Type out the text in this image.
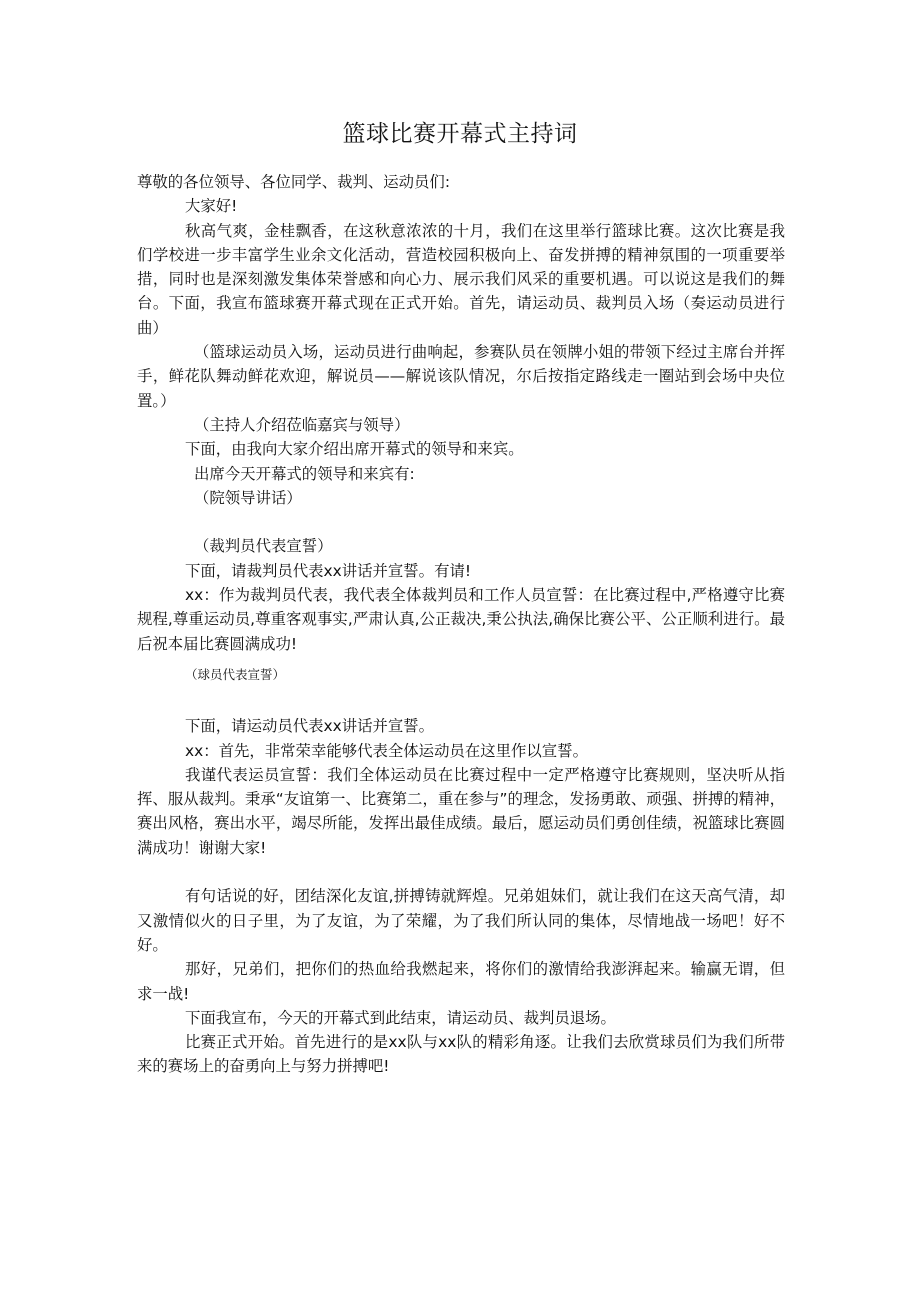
篮球比赛开幕式主持词

尊敬的各位领导、各位同学、裁判、运动员们:

大家好!

秋高气爽，金桂飘香，在这秋意浓浓的十月，我们在这里举行篮球比赛。这次比赛是我们学校进一步丰富学生业余文化活动，营造校园积极向上、奋发拼搏的精神氛围的一项重要举措，同时也是深刻激发集体荣誉感和向心力、展示我们风采的重要机遇。可以说这是我们的舞台。下面，我宣布篮球赛开幕式现在正式开始。首先，请运动员、裁判员入场（奏运动员进行曲）

（篮球运动员入场，运动员进行曲响起，参赛队员在领牌小姐的带领下经过主席台并挥手，鲜花队舞动鲜花欢迎，解说员——解说该队情况，尔后按指定路线走一圈站到会场中央位置。）

（主持人介绍莅临嘉宾与领导）

下面，由我向大家介绍出席开幕式的领导和来宾。

出席今天开幕式的领导和来宾有:

（院领导讲话）

（裁判员代表宣誓）

下面，请裁判员代表xx讲话并宣誓。有请!

xx：作为裁判员代表，我代表全体裁判员和工作人员宣誓：在比赛过程中,严格遵守比赛规程,尊重运动员,尊重客观事实,严肃认真,公正裁决,秉公执法,确保比赛公平、公正顺利进行。最后祝本届比赛圆满成功!

（球员代表宣誓）

下面，请运动员代表xx讲话并宣誓。

xx：首先，非常荣幸能够代表全体运动员在这里作以宣誓。

我谨代表运员宣誓：我们全体运动员在比赛过程中一定严格遵守比赛规则，坚决听从指挥、服从裁判。秉承“友谊第一、比赛第二，重在参与”的理念，发扬勇敢、顽强、拼搏的精神，赛出风格，赛出水平，竭尽所能，发挥出最佳成绩。最后，愿运动员们勇创佳绩，祝篮球比赛圆满成功！谢谢大家!

有句话说的好，团结深化友谊,拼搏铸就辉煌。兄弟姐妹们，就让我们在这天高气清，却又激情似火的日子里，为了友谊，为了荣耀，为了我们所认同的集体，尽情地战一场吧！好不好。

那好，兄弟们，把你们的热血给我燃起来，将你们的激情给我澎湃起来。输赢无谓，但求一战!

下面我宣布，今天的开幕式到此结束，请运动员、裁判员退场。

比赛正式开始。首先进行的是xx队与xx队的精彩角逐。让我们去欣赏球员们为我们所带来的赛场上的奋勇向上与努力拼搏吧!
